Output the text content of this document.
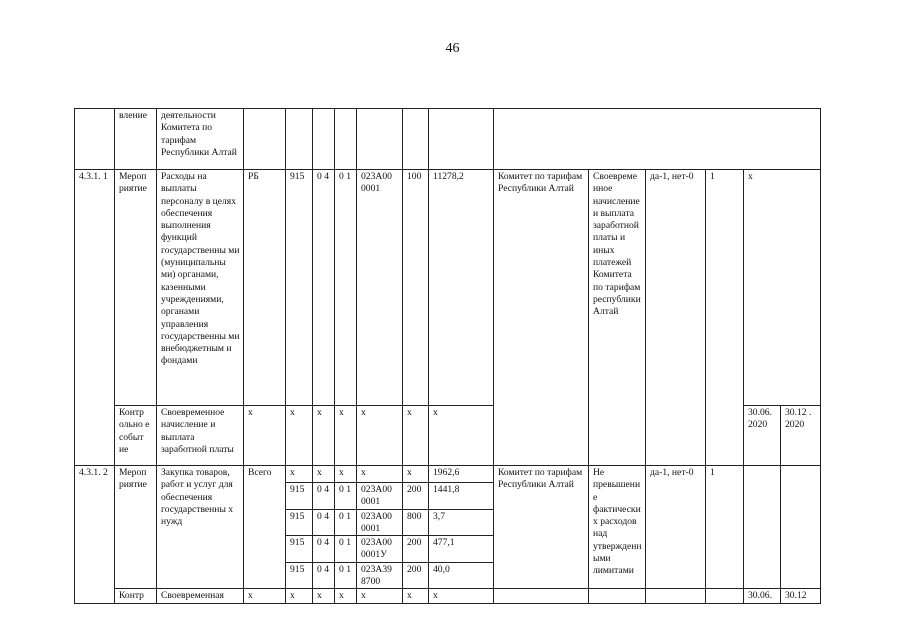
46
	вление	деятельности Комитета по тарифам Республики Алтай													
4.3.1. 1	Мероп риятие	Расходы на выплаты персоналу в целях обеспечения выполнения функций государственны ми (муниципальны ми) органами, казенными учреждениями, органами управления государственны ми внебюджетным и фондами	РБ	915	0 4	0 1	023А00 0001	100	11278,2	Комитет по тарифам Республики Алтай	Своевреме нное начисление и выплата заработной платы и иных платежей Комитета по тарифам республики Алтай	да-1, нет-0	1	х	
	Контр ольно е событ ие	Своевременное начисление и выплата заработной платы	х	х	х	х	х	х	х					30.06. 2020	30.12 . 2020
4.3.1. 2	Мероп риятие	Закупка товаров, работ и услуг для обеспечения государственны х нужд	Всего	х	х	х	х	х	1962,6	Комитет по тарифам Республики Алтай	Не превышени е фактически х расходов над утвержденн ыми лимитами	да-1, нет-0	1		
				915	0 4	0 1	023А00 0001	200	1441,8						
				915	0 4	0 1	023А00 0001	800	3,7						
				915	0 4	0 1	023А00 0001У	200	477,1						
				915	0 4	0 1	023А39 8700	200	40,0						
	Контр	Своевременная	х	х	х	х	х	х	х					30.06.	30.12
